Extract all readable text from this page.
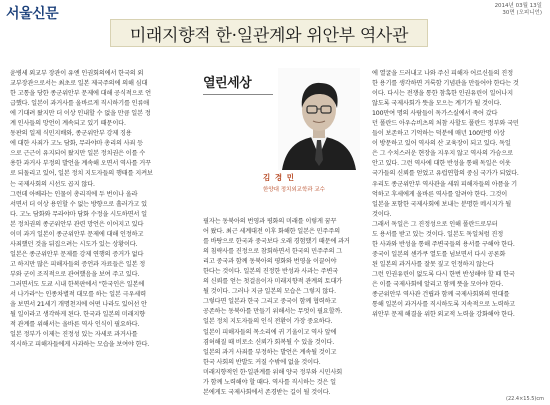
서울신문	2014년 03월 13일
30면 (오피니언)
미래지향적 한·일관계와 위안부 역사관
윤병세 외교부 장관이 유엔 인권회의에서 한국의 외
교부장관으로서는 최초로 일본 제국주의에 의해 심대
한 고통을 당한 종군위안부 문제에 대해 공식적으로 언
급했다. 일본이 과거사를 올바르게 직시하기를 인류애
에 기대려 왔지만 더 이상 인내할 수 없을 만큼 일본 정
계 인사들의 망언이 계속되고 있기 때문이다.
동판의 일제 식민지배와, 종군위안부 강제 징용
에 대한 사죄가 고노 담화, 무라야마 총리의 사죄 등
으로 근근이 유지되어 왔지만 일본 정치권은 이를 수
용한 과거사 부정의 발언을 계속해 오면서 역사를 거꾸
로 되돌리고 있어, 일본 정치 지도자들의 행태를 지켜보
는 국제사회의 시선도 곱지 않다.
그런데 아베라는 인물이 총리직에 두 번이나 올라
서면서 더 이상 용인할 수 없는 방향으로 흘러가고 있
다. 고노 담화와 무라야마 담화 수정을 시도하면서 일
본 정치권의 종군위안부 관련 망언은 이어지고 있다
이미 과거 일본이 종군위안부 문제에 대해 인정하고
사죄했던 것을 뒤집으려는 시도가 있는 상황이다.
일본은 종군위안부 문제를 강제 연행의 증거가 없다
고 하지만 많은 피해자들의 증언과 자료들은 일본 정
부와 군이 조직적으로 관여했음을 보여 주고 있다.
그러면서도 도쿄 시내 한복판에서 "한국인은 일본에
서 나가라"는 인종차별적 대모를 하는 일본 극우세력
을 보면서 21세기 개명천지에 어떤 나라도 있어선 안
될 일이라고 생각하게 된다. 한국과 일본의 미래지향
적 관계를 위해서는 올바른 역사 인식이 필요하다.
일본 정부가 이제는 진정성 있는 자세로 과거사를
직시하고 피해자들에게 사과하는 모습을 보여야 한다.
열린세상
김 경 민
한양대 정치외교학과 교수
필자는 동북아의 번영과 평화의 미래를 이렇게 꿈꾸
어 왔다. 최근 세계대전 이후 화해한 일본은 민주주의
를 바탕으로 한국과 중국보다 오래 경험했기 때문에 과거
의 침략사를 진정으로 참회하면서 한국의 민주주의 그
리고 중국과 함께 동북아의 평화와 번영을 이끌어야
한다는 것이다. 일본의 진정한 반성과 사과는 주변국
의 신뢰를 얻는 첫걸음이자 미래지향적 관계의 토대가
될 것이다. 그러나 지금 일본의 모습은 그렇지 않다.
그렇다면 일본과 한국 그리고 중국이 함께 협력하고
공존하는 동북아를 만들기 위해서는 무엇이 필요할까.
일본 정치 지도자들의 인식 전환이 가장 중요하다.
일본이 피해자들의 목소리에 귀 기울이고 역사 앞에
겸허해질 때 비로소 신뢰가 회복될 수 있을 것이다.
일본의 과거 사죄를 부정하는 발언은 계속될 것이고
한국 사회의 반발도 커질 수밖에 없을 것이다.
미래지향적인 한·일관계를 위해 양국 정부와 시민사회
가 함께 노력해야 할 때다. 역사를 직시하는 것은 일
본에게도 국제사회에서 존경받는 길이 될 것이다.
에 열굴을 드러내고 나와 주신 피해자 어르신들의 진정
한 용기를 생각하면 거룩함 기념관을 만들어야 한다는 것
이다. 다시는 전쟁을 통한 참혹한 인권유린이 일어나지
않도록 국제사회가 뜻을 모으는 계기가 될 것이다.
100만여 명의 사람들이 독가스실에서 죽어 갔다
던 폴란드 아우슈비츠의 처참 사할도 폴란드 정부와 국민
들이 보존하고 기억하는 덕분에 매년 100만명 이상
이 방문하고 있어 역사의 산 교육장이 되고 있다. 독일
은 그 수치스러운 현장을 지우지 않고 역사의 가슴으로
안고 있다. 그런 역사에 대한 반성을 통해 독일은 이웃
국가들의 신뢰를 얻었고 유럽연합의 중심 국가가 되었다.
우리도 종군위안부 역사관을 세워 피해자들의 아픔을 기
억하고 후세에게 올바른 역사를 알려야 한다. 그것이
일본을 포함한 국제사회에 보내는 분명한 메시지가 될
것이다.
그래서 독일은 그 진정성으로 인해 폴란드로부터
도 용서를 받고 있는 것이다. 일본도 독일처럼 진정
한 사과와 반성을 통해 주변국들의 용서를 구해야 한다.
중국이 일본의 센카쿠 열도를 넘보면서 다시 공론화
된 일본의 과거사를 잘못 짚고 인정하지 않는다
그런 인권유린이 없도록 다시 한번 반성해야 할 때 한국
은 이를 국제사회에 알리고 함께 뜻을 모아야 한다.
종군위안부 역사관 건립과 함께 국제사회와의 연대를
통해 일본이 과거사를 직시하도록 지속적으로 노력하고
위안부 문제 해결을 위한 외교적 노력을 강화해야 한다.
(22.4×15.5)cm
